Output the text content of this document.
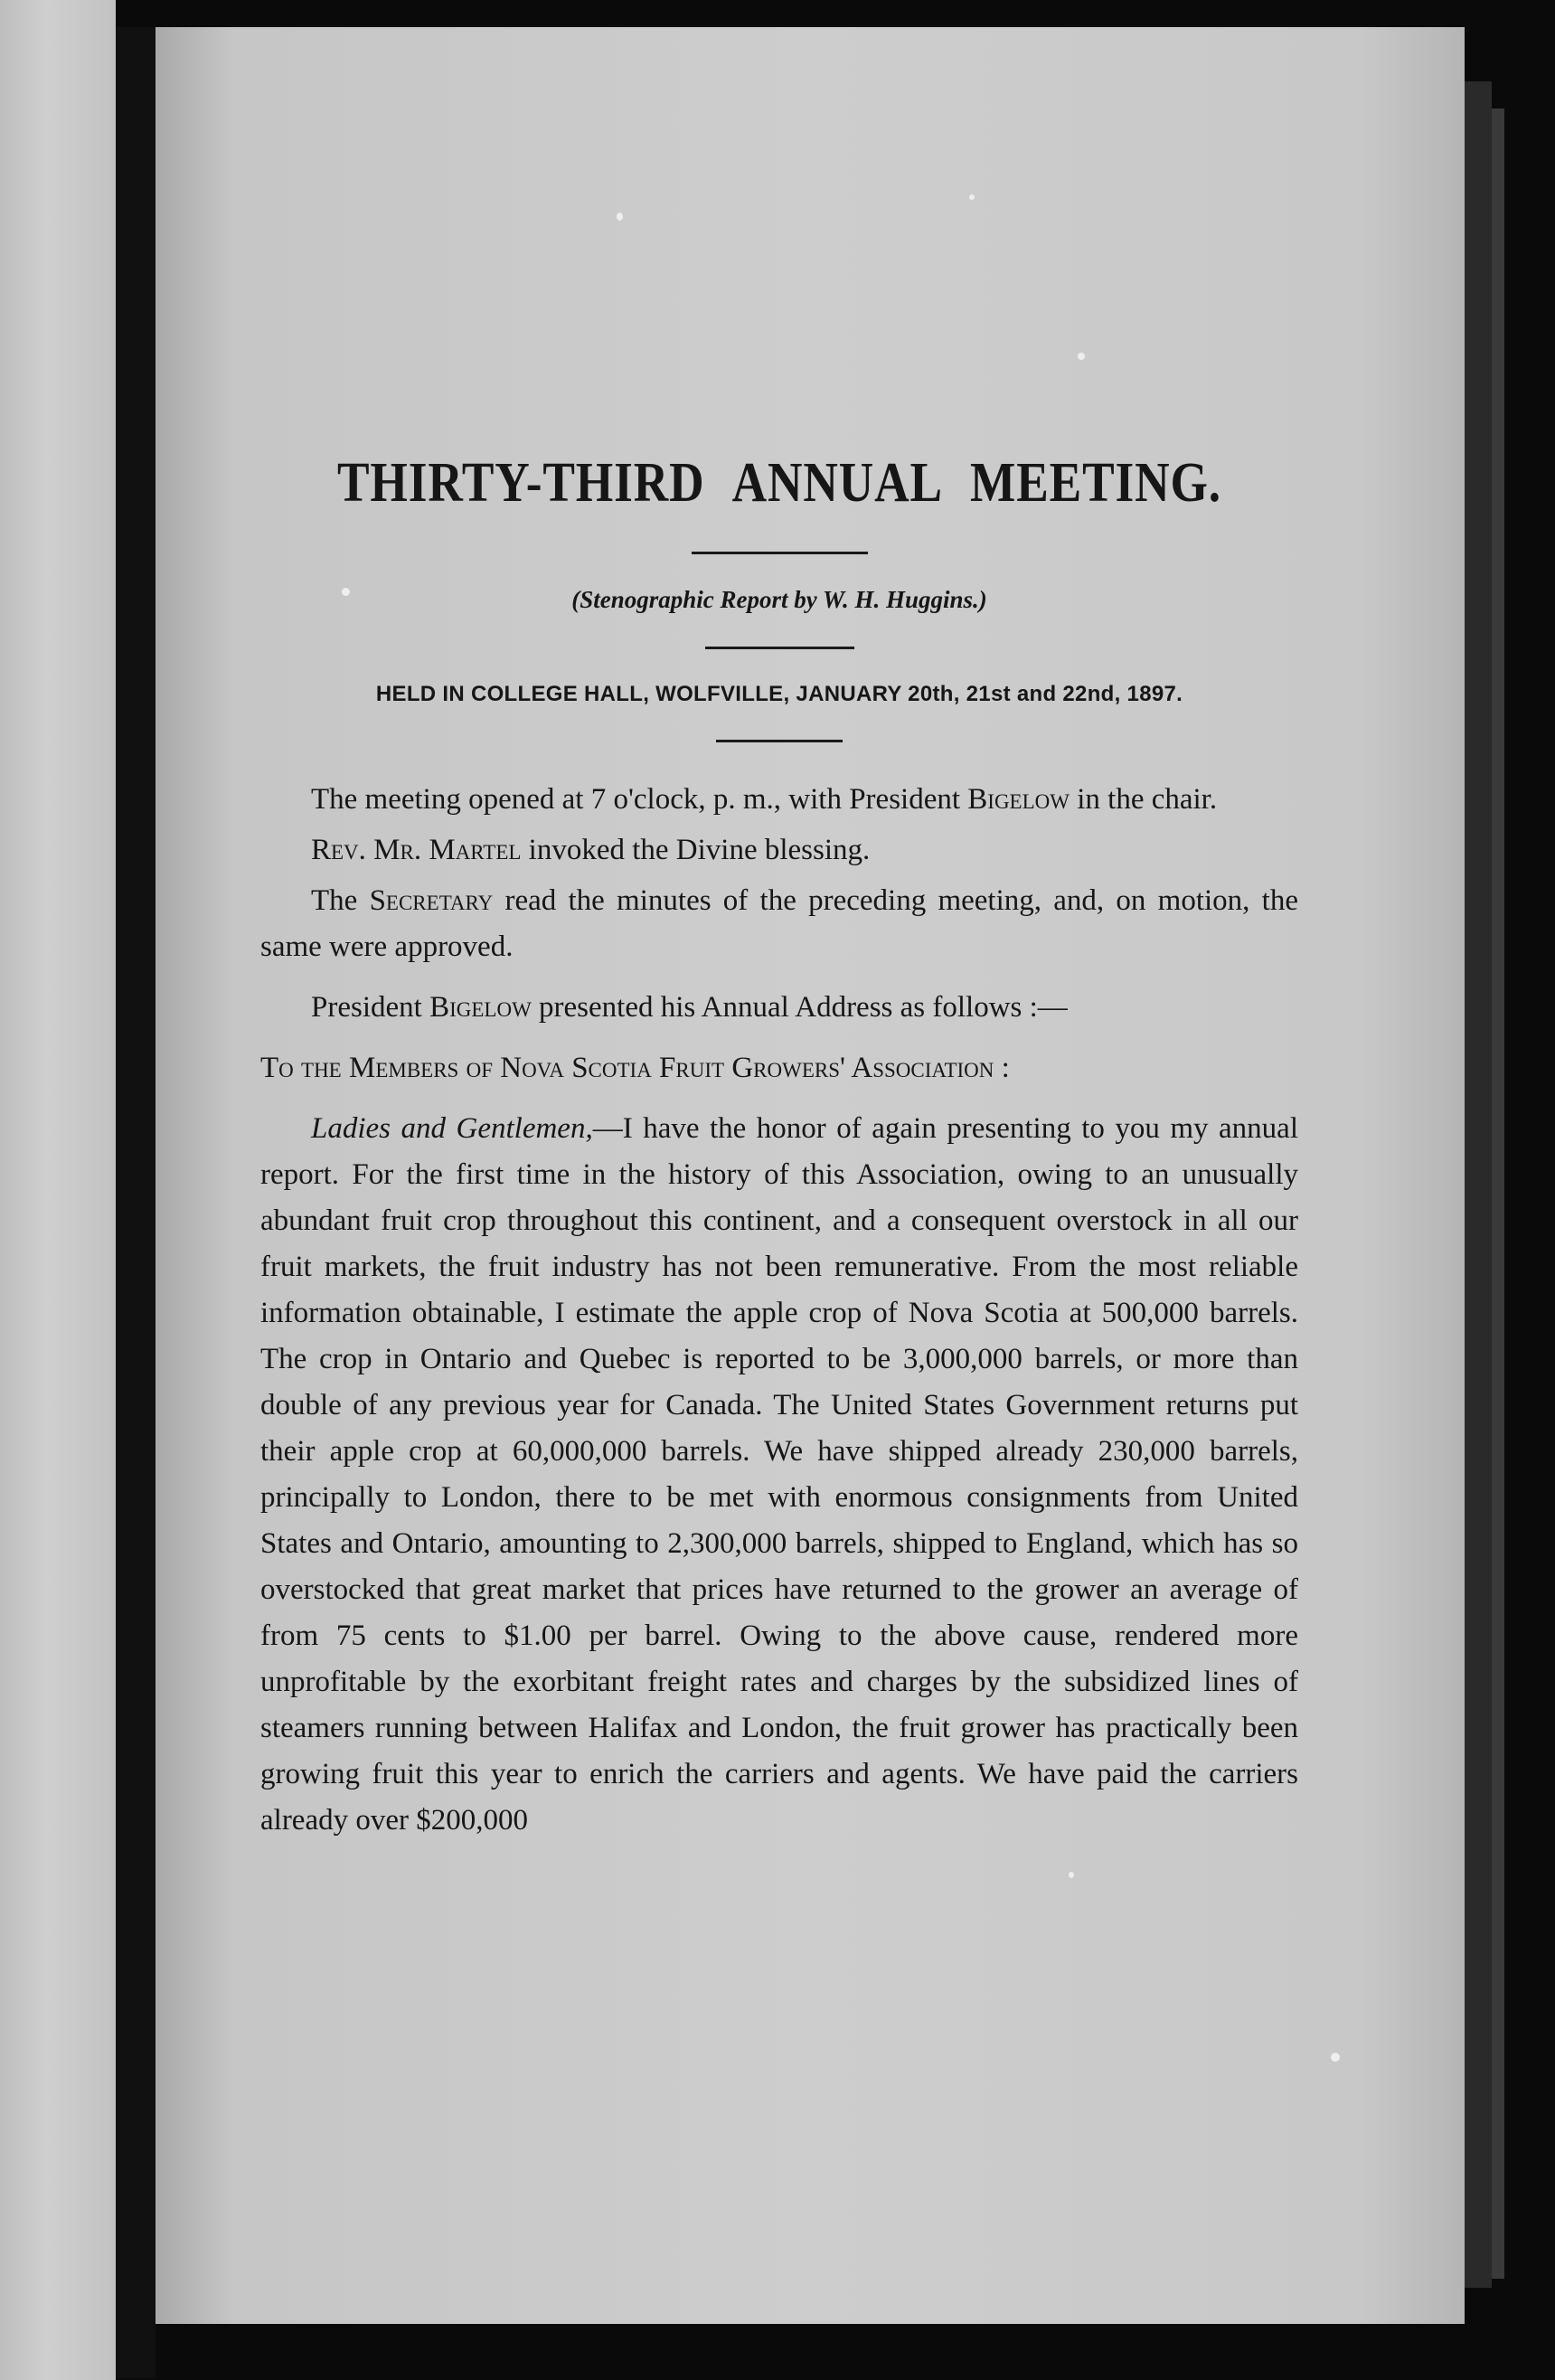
THIRTY-THIRD ANNUAL MEETING.
(Stenographic Report by W. H. Huggins.)
HELD IN COLLEGE HALL, WOLFVILLE, JANUARY 20th, 21st and 22nd, 1897.

The meeting opened at 7 o'clock, p. m., with President Bigelow in the chair.

Rev. Mr. Martel invoked the Divine blessing.

The Secretary read the minutes of the preceding meeting, and, on motion, the same were approved.

President Bigelow presented his Annual Address as follows :—

To the Members of Nova Scotia Fruit Growers' Association :

Ladies and Gentlemen,—I have the honor of again presenting to you my annual report. For the first time in the history of this Association, owing to an unusually abundant fruit crop throughout this continent, and a consequent overstock in all our fruit markets, the fruit industry has not been remunerative. From the most reliable information obtainable, I estimate the apple crop of Nova Scotia at 500,000 barrels. The crop in Ontario and Quebec is reported to be 3,000,000 barrels, or more than double of any previous year for Canada. The United States Government returns put their apple crop at 60,000,000 barrels. We have shipped already 230,000 barrels, principally to London, there to be met with enormous consignments from United States and Ontario, amounting to 2,300,000 barrels, shipped to England, which has so overstocked that great market that prices have returned to the grower an average of from 75 cents to $1.00 per barrel. Owing to the above cause, rendered more unprofitable by the exorbitant freight rates and charges by the subsidized lines of steamers running between Halifax and London, the fruit grower has practically been growing fruit this year to enrich the carriers and agents. We have paid the carriers already over $200,000
